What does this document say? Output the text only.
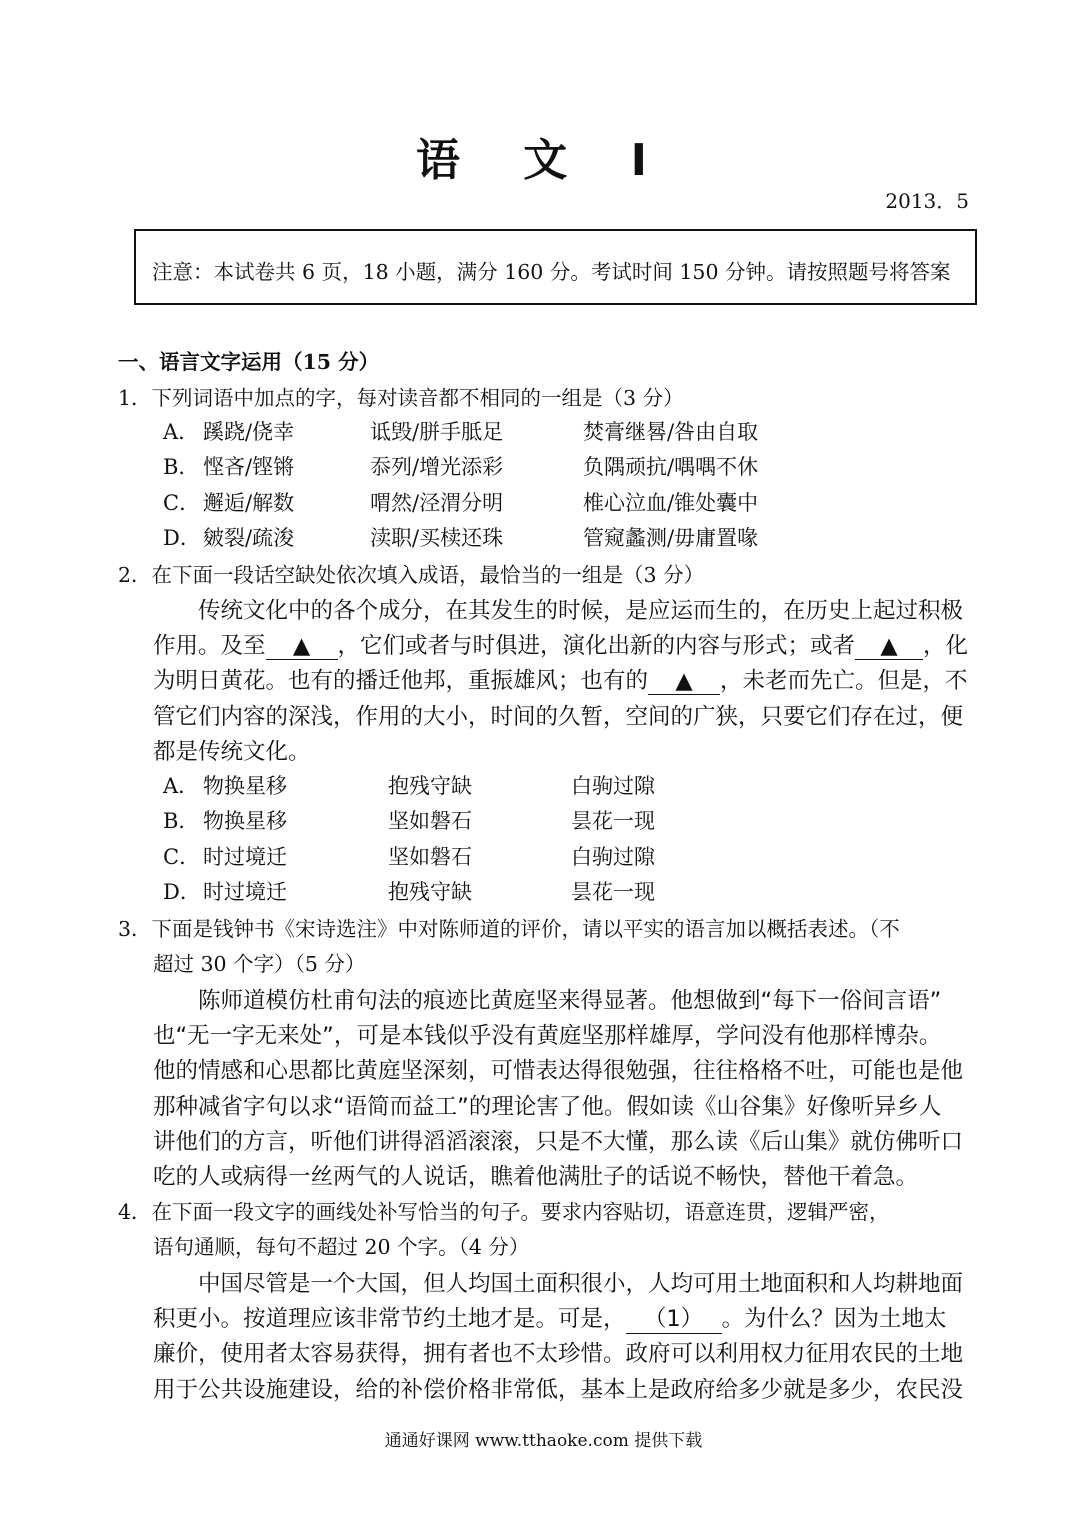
语 文 Ⅰ
2013．5
注意：本试卷共 6 页，18 小题，满分 160 分。考试时间 150 分钟。请按照题号将答案
一、语言文字运用（15 分）
1．下列词语中加点的字，每对读音都不相同的一组是（3 分）
A． 蹊跷/侥幸	诋毁/胼手胝足	焚膏继晷/咎由自取
B． 悭吝/铿锵	忝列/增光添彩	负隅顽抗/喁喁不休
C． 邂逅/解数	喟然/泾渭分明	椎心泣血/锥处囊中
D． 皴裂/疏浚	渎职/买椟还珠	管窥蠡测/毋庸置喙
2．在下面一段话空缺处依次填入成语，最恰当的一组是（3 分）
　　传统文化中的各个成分，在其发生的时候，是应运而生的，在历史上起过积极
作用。及至 ▲ ，它们或者与时俱进，演化出新的内容与形式；或者 ▲ ，化
为明日黄花。也有的播迁他邦，重振雄风；也有的 ▲ ，未老而先亡。但是，不
管它们内容的深浅，作用的大小，时间的久暂，空间的广狭，只要它们存在过，便
都是传统文化。
A． 物换星移	抱残守缺	白驹过隙
B． 物换星移	坚如磐石	昙花一现
C． 时过境迁	坚如磐石	白驹过隙
D． 时过境迁	抱残守缺	昙花一现
3．下面是钱钟书《宋诗选注》中对陈师道的评价，请以平实的语言加以概括表述。（不
超过 30 个字）（5 分）
　　陈师道模仿杜甫句法的痕迹比黄庭坚来得显著。他想做到“每下一俗间言语”
也“无一字无来处”，可是本钱似乎没有黄庭坚那样雄厚，学问没有他那样博杂。
他的情感和心思都比黄庭坚深刻，可惜表达得很勉强，往往格格不吐，可能也是他
那种减省字句以求“语简而益工”的理论害了他。假如读《山谷集》好像听异乡人
讲他们的方言，听他们讲得滔滔滚滚，只是不大懂，那么读《后山集》就仿佛听口
吃的人或病得一丝两气的人说话，瞧着他满肚子的话说不畅快，替他干着急。
4．在下面一段文字的画线处补写恰当的句子。要求内容贴切，语意连贯，逻辑严密，
语句通顺，每句不超过 20 个字。（4 分）
　　中国尽管是一个大国，但人均国土面积很小，人均可用土地面积和人均耕地面
积更小。按道理应该非常节约土地才是。可是， （1） 。为什么？因为土地太
廉价，使用者太容易获得，拥有者也不太珍惜。政府可以利用权力征用农民的土地
用于公共设施建设，给的补偿价格非常低，基本上是政府给多少就是多少，农民没
通通好课网 www.tthaoke.com 提供下载
